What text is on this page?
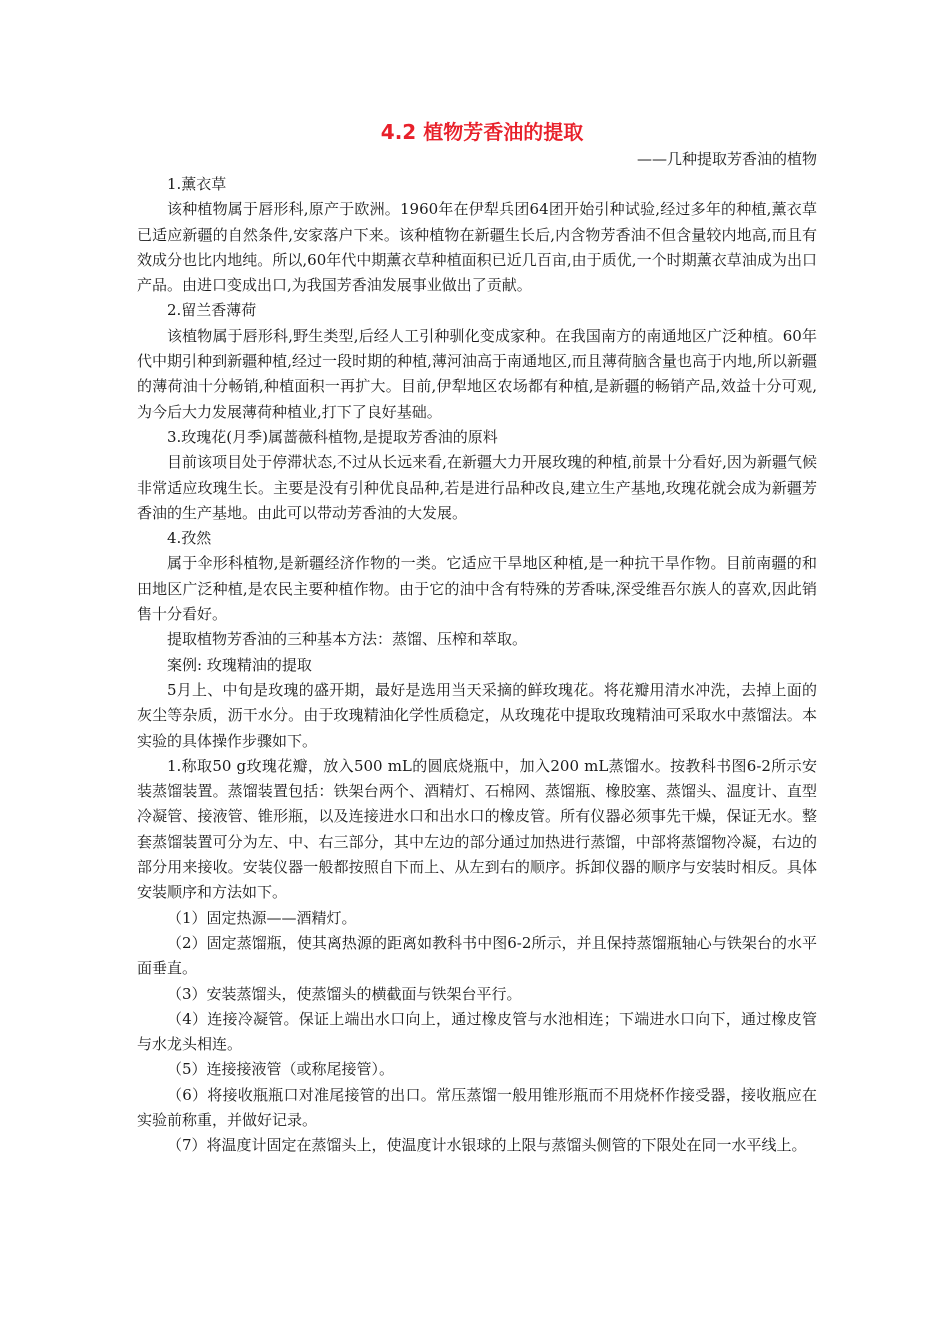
4.2 植物芳香油的提取
——几种提取芳香油的植物

1.薰衣草

该种植物属于唇形科,原产于欧洲。1960年在伊犁兵团64团开始引种试验,经过多年的种植,薰衣草已适应新疆的自然条件,安家落户下来。该种植物在新疆生长后,内含物芳香油不但含量较内地高,而且有效成分也比内地纯。所以,60年代中期薰衣草种植面积已近几百亩,由于质优,一个时期薰衣草油成为出口产品。由进口变成出口,为我国芳香油发展事业做出了贡献。

2.留兰香薄荷

该植物属于唇形科,野生类型,后经人工引种驯化变成家种。在我国南方的南通地区广泛种植。60年代中期引种到新疆种植,经过一段时期的种植,薄河油高于南通地区,而且薄荷脑含量也高于内地,所以新疆的薄荷油十分畅销,种植面积一再扩大。目前,伊犁地区农场都有种植,是新疆的畅销产品,效益十分可观,为今后大力发展薄荷种植业,打下了良好基础。

3.玫瑰花(月季)属蔷薇科植物,是提取芳香油的原料

目前该项目处于停滞状态,不过从长远来看,在新疆大力开展玫瑰的种植,前景十分看好,因为新疆气候非常适应玫瑰生长。主要是没有引种优良品种,若是进行品种改良,建立生产基地,玫瑰花就会成为新疆芳香油的生产基地。由此可以带动芳香油的大发展。

4.孜然

属于伞形科植物,是新疆经济作物的一类。它适应干旱地区种植,是一种抗干旱作物。目前南疆的和田地区广泛种植,是农民主要种植作物。由于它的油中含有特殊的芳香味,深受维吾尔族人的喜欢,因此销售十分看好。

提取植物芳香油的三种基本方法：蒸馏、压榨和萃取。

案例: 玫瑰精油的提取

5月上、中旬是玫瑰的盛开期，最好是选用当天采摘的鲜玫瑰花。将花瓣用清水冲洗，去掉上面的灰尘等杂质，沥干水分。由于玫瑰精油化学性质稳定，从玫瑰花中提取玫瑰精油可采取水中蒸馏法。本实验的具体操作步骤如下。

1.称取50 g玫瑰花瓣，放入500 mL的圆底烧瓶中，加入200 mL蒸馏水。按教科书图6-2所示安装蒸馏装置。蒸馏装置包括：铁架台两个、酒精灯、石棉网、蒸馏瓶、橡胶塞、蒸馏头、温度计、直型冷凝管、接液管、锥形瓶，以及连接进水口和出水口的橡皮管。所有仪器必须事先干燥，保证无水。整套蒸馏装置可分为左、中、右三部分，其中左边的部分通过加热进行蒸馏，中部将蒸馏物冷凝，右边的部分用来接收。安装仪器一般都按照自下而上、从左到右的顺序。拆卸仪器的顺序与安装时相反。具体安装顺序和方法如下。

（1）固定热源——酒精灯。

（2）固定蒸馏瓶，使其离热源的距离如教科书中图6-2所示，并且保持蒸馏瓶轴心与铁架台的水平面垂直。

（3）安装蒸馏头，使蒸馏头的横截面与铁架台平行。

（4）连接冷凝管。保证上端出水口向上，通过橡皮管与水池相连；下端进水口向下，通过橡皮管与水龙头相连。

（5）连接接液管（或称尾接管）。

（6）将接收瓶瓶口对准尾接管的出口。常压蒸馏一般用锥形瓶而不用烧杯作接受器，接收瓶应在实验前称重，并做好记录。

（7）将温度计固定在蒸馏头上，使温度计水银球的上限与蒸馏头侧管的下限处在同一水平线上。
